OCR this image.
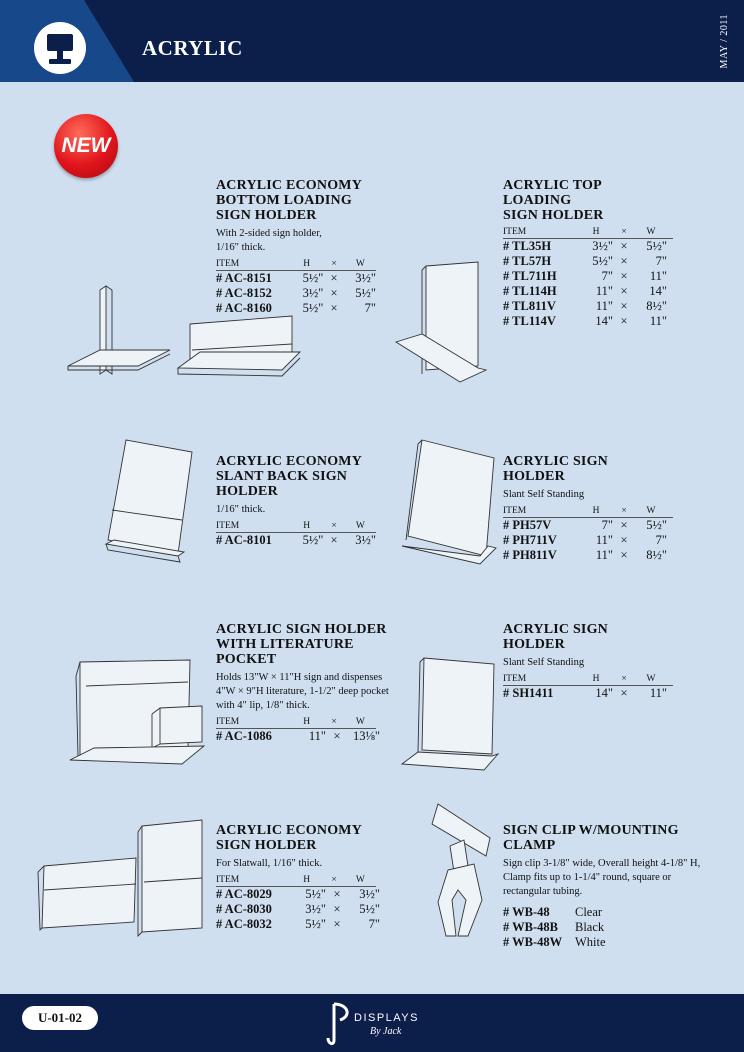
ACRYLIC	MAY / 2011
NEW
ACRYLIC ECONOMY
BOTTOM LOADING
SIGN HOLDER
With 2-sided sign holder,
1/16" thick.
ITEM	H	×	W
# AC-8151	5½" ×	3½"
# AC-8152	3½" ×	5½"
# AC-8160	5½" ×	7"
ACRYLIC TOP LOADING
SIGN HOLDER
ITEM	H	×	W
# TL35H	3½" ×	5½"
# TL57H	5½" ×	7"
# TL711H	7" ×	11"
# TL114H	11" ×	14"
# TL811V	11" ×	8½"
# TL114V	14" ×	11"
ACRYLIC ECONOMY
SLANT BACK SIGN
HOLDER
1/16" thick.
ITEM	H	×	W
# AC-8101	5½" ×	3½"
ACRYLIC SIGN HOLDER
Slant Self Standing
ITEM	H	×	W
# PH57V	7" ×	5½"
# PH711V	11" ×	7"
# PH811V	11" ×	8½"
ACRYLIC SIGN HOLDER
WITH LITERATURE
POCKET
Holds 13"W × 11"H sign and dispenses
4"W × 9"H literature, 1-1/2" deep pocket
with 4" lip, 1/8" thick.
ITEM	H	×	W
# AC-1086	11" × 13⅛"
ACRYLIC SIGN
HOLDER
Slant Self Standing
ITEM	H	×	W
# SH1411	14" ×	11"
ACRYLIC ECONOMY
SIGN HOLDER
For Slatwall, 1/16" thick.
ITEM	H	×	W
# AC-8029	5½" ×	3½"
# AC-8030	3½" ×	5½"
# AC-8032	5½" ×	7"
SIGN CLIP W/MOUNTING
CLAMP
Sign clip 3-1/8" wide, Overall height 4-1/8" H,
Clamp fits up to 1-1/4" round, square or
rectangular tubing.
# WB-48	Clear
# WB-48B	Black
# WB-48W	White
U-01-02	DISPLAYS
By Jack
